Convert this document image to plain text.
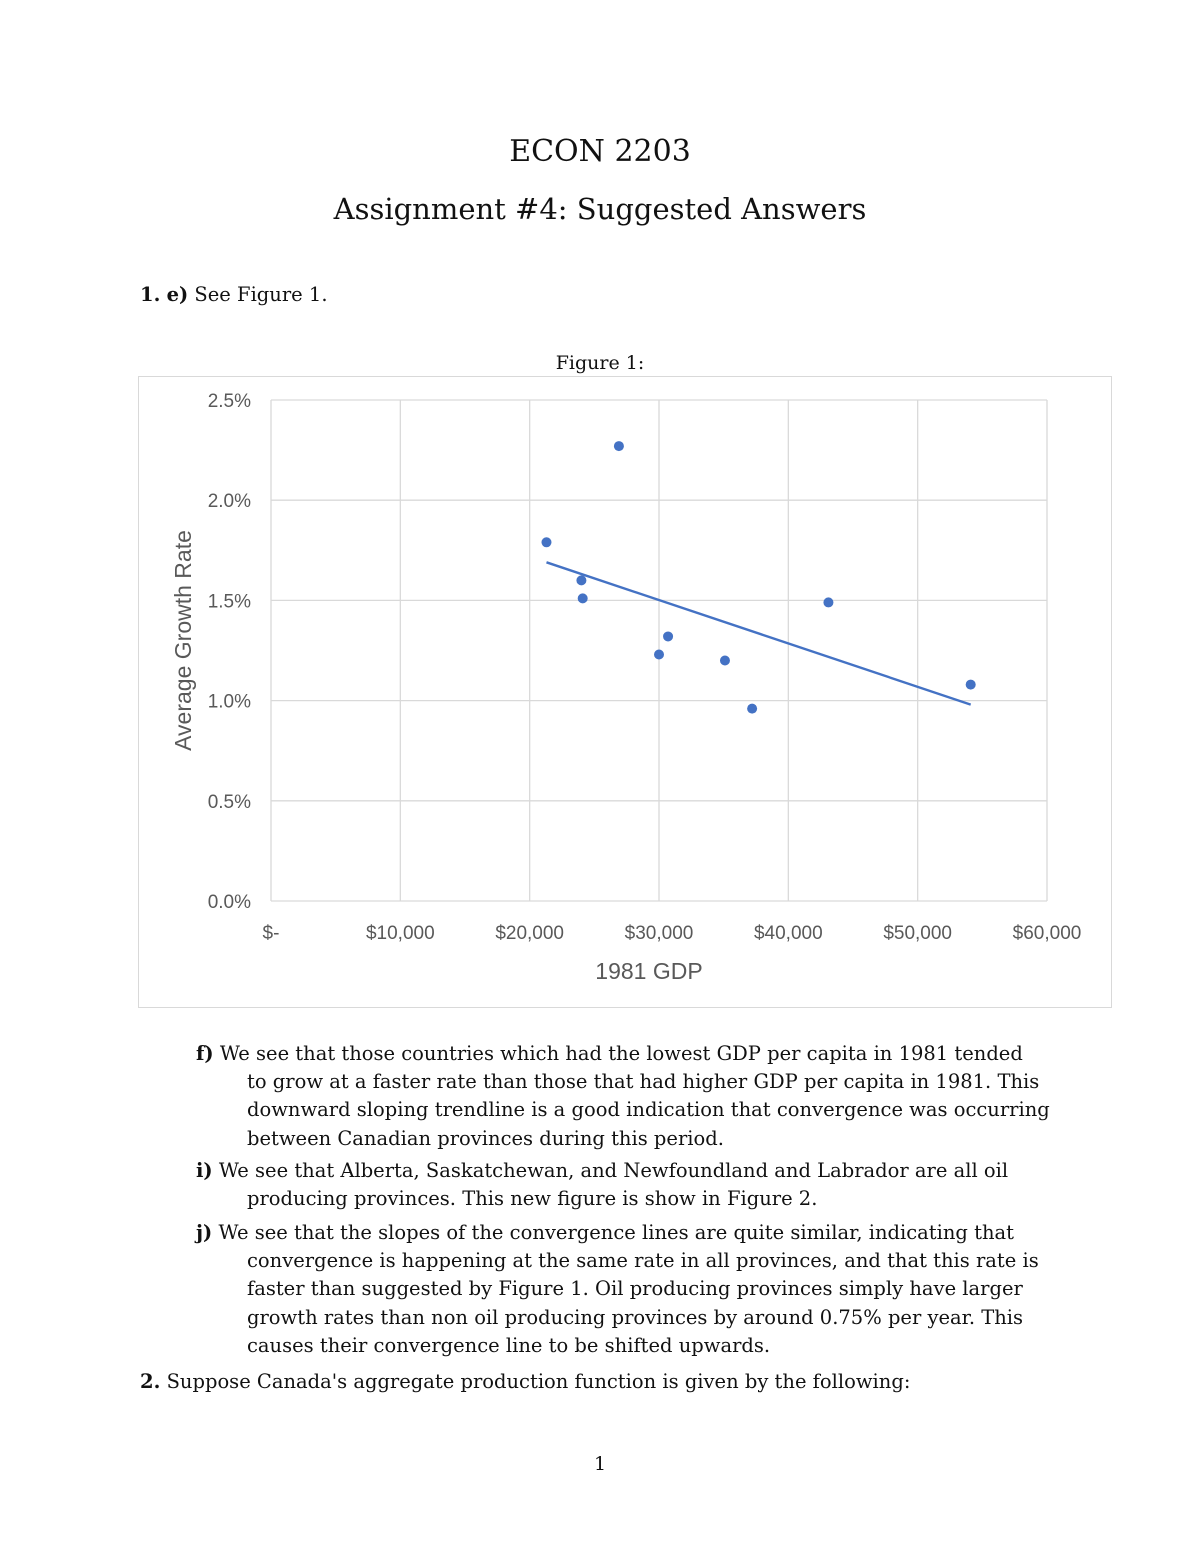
ECON 2203
Assignment #4: Suggested Answers
1. e) See Figure 1.
Figure 1:
0.0%
0.5%
1.0%
1.5%
2.0%
2.5%
$-	$10,000	$20,000	$30,000	$40,000	$50,000	$60,000
1981 GDP
Average Growth Rate

f) We see that those countries which had the lowest GDP per capita in 1981 tended

to grow at a faster rate than those that had higher GDP per capita in 1981. This

downward sloping trendline is a good indication that convergence was occurring

between Canadian provinces during this period.

i) We see that Alberta, Saskatchewan, and Newfoundland and Labrador are all oil

producing provinces. This new figure is show in Figure 2.

j) We see that the slopes of the convergence lines are quite similar, indicating that

convergence is happening at the same rate in all provinces, and that this rate is

faster than suggested by Figure 1. Oil producing provinces simply have larger

growth rates than non oil producing provinces by around 0.75% per year. This

causes their convergence line to be shifted upwards.

2. Suppose Canada's aggregate production function is given by the following:
1
